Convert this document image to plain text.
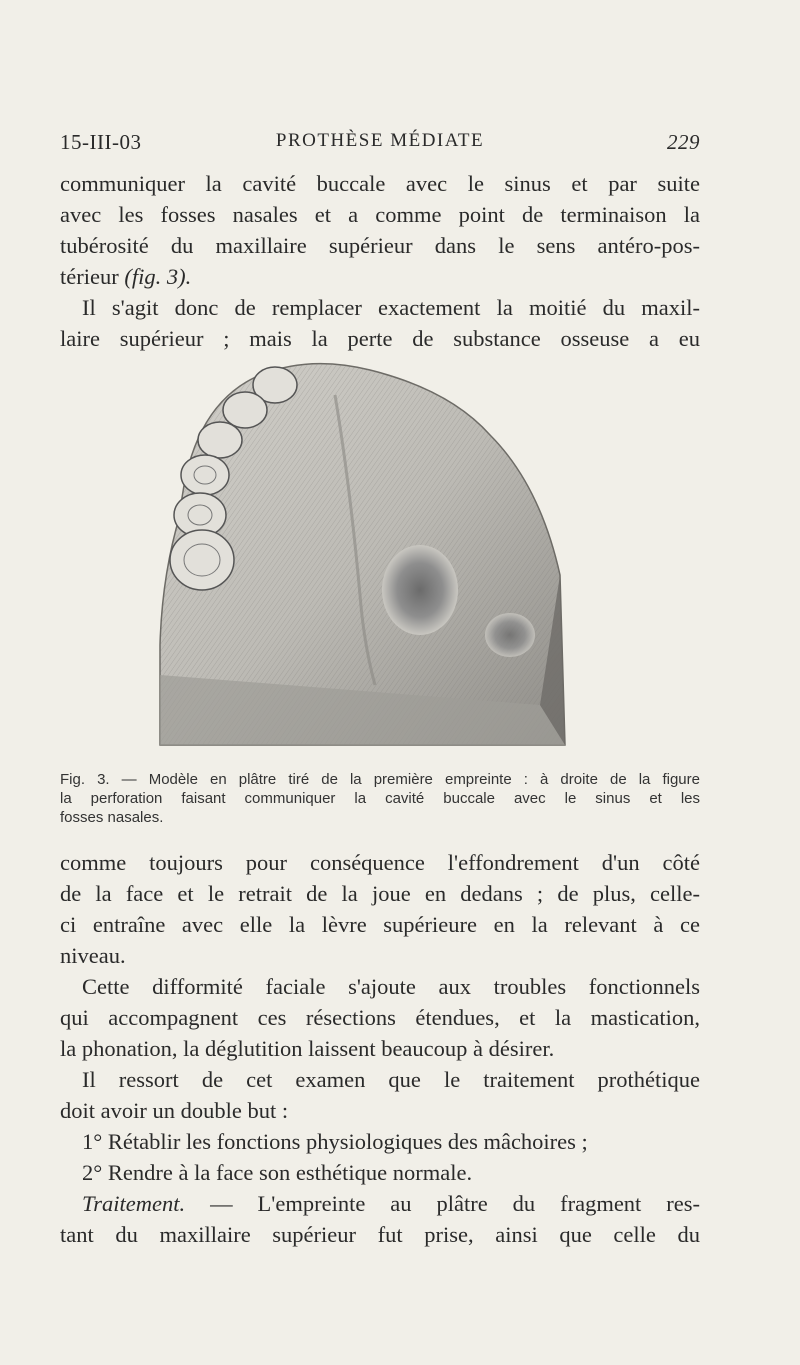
15-III-03	PROTHÈSE MÉDIATE	229
communiquer la cavité buccale avec le sinus et par suite
avec les fosses nasales et a comme point de terminaison la
tubérosité du maxillaire supérieur dans le sens antéro-pos-
térieur (fig. 3).
Il s'agit donc de remplacer exactement la moitié du maxil-
laire supérieur ; mais la perte de substance osseuse a eu
Fig. 3. — Modèle en plâtre tiré de la première empreinte : à droite de la figure
la perforation faisant communiquer la cavité buccale avec le sinus et les
fosses nasales.
comme toujours pour conséquence l'effondrement d'un côté
de la face et le retrait de la joue en dedans ; de plus, celle-
ci entraîne avec elle la lèvre supérieure en la relevant à ce
niveau.
Cette difformité faciale s'ajoute aux troubles fonctionnels
qui accompagnent ces résections étendues, et la mastication,
la phonation, la déglutition laissent beaucoup à désirer.
Il ressort de cet examen que le traitement prothétique
doit avoir un double but :
1° Rétablir les fonctions physiologiques des mâchoires ;
2° Rendre à la face son esthétique normale.
Traitement. — L'empreinte au plâtre du fragment res-
tant du maxillaire supérieur fut prise, ainsi que celle du
